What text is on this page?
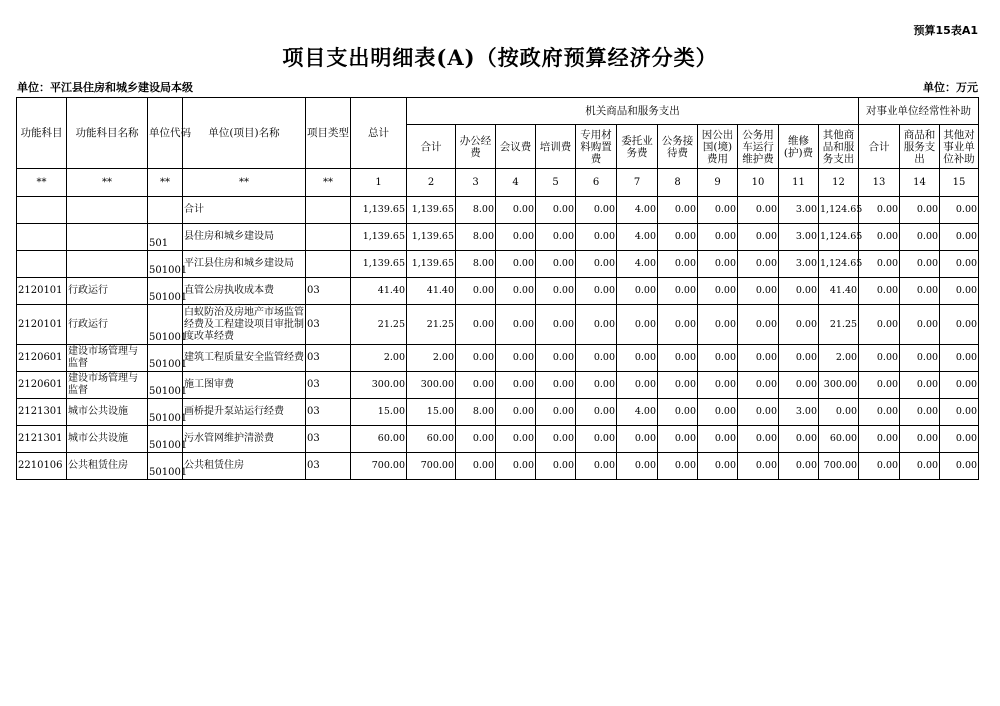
预算15表A1
项目支出明细表(A)（按政府预算经济分类）
单位：平江县住房和城乡建设局本级	单位：万元
功能科目	功能科目名称	单位代码	单位(项目)名称	项目类型	总计	机关商品和服务支出											对事业单位经常性补助		
						合计	办公经费	会议费	培训费	专用材料购置费	委托业务费	公务接待费	因公出国(境)费用	公务用车运行维护费	维修(护)费	其他商品和服务支出	合计	商品和服务支出	其他对事业单位补助
**	**	**	**	**	1	2	3	4	5	6	7	8	9	10	11	12	13	14	15
			合计		1,139.65	1,139.65	8.00	0.00	0.00	0.00	4.00	0.00	0.00	0.00	3.00	1,124.65	0.00	0.00	0.00
		501	县住房和城乡建设局		1,139.65	1,139.65	8.00	0.00	0.00	0.00	4.00	0.00	0.00	0.00	3.00	1,124.65	0.00	0.00	0.00
		501001	平江县住房和城乡建设局		1,139.65	1,139.65	8.00	0.00	0.00	0.00	4.00	0.00	0.00	0.00	3.00	1,124.65	0.00	0.00	0.00
2120101	行政运行	501001	直管公房执收成本费	03	41.40	41.40	0.00	0.00	0.00	0.00	0.00	0.00	0.00	0.00	0.00	41.40	0.00	0.00	0.00
2120101	行政运行	501001	白蚁防治及房地产市场监管经费及工程建设项目审批制度改革经费	03	21.25	21.25	0.00	0.00	0.00	0.00	0.00	0.00	0.00	0.00	0.00	21.25	0.00	0.00	0.00
2120601	建设市场管理与监督	501001	建筑工程质量安全监管经费	03	2.00	2.00	0.00	0.00	0.00	0.00	0.00	0.00	0.00	0.00	0.00	2.00	0.00	0.00	0.00
2120601	建设市场管理与监督	501001	施工图审费	03	300.00	300.00	0.00	0.00	0.00	0.00	0.00	0.00	0.00	0.00	0.00	300.00	0.00	0.00	0.00
2121301	城市公共设施	501001	画桥提升泵站运行经费	03	15.00	15.00	8.00	0.00	0.00	0.00	4.00	0.00	0.00	0.00	3.00	0.00	0.00	0.00	0.00
2121301	城市公共设施	501001	污水管网维护清淤费	03	60.00	60.00	0.00	0.00	0.00	0.00	0.00	0.00	0.00	0.00	0.00	60.00	0.00	0.00	0.00
2210106	公共租赁住房	501001	公共租赁住房	03	700.00	700.00	0.00	0.00	0.00	0.00	0.00	0.00	0.00	0.00	0.00	700.00	0.00	0.00	0.00
